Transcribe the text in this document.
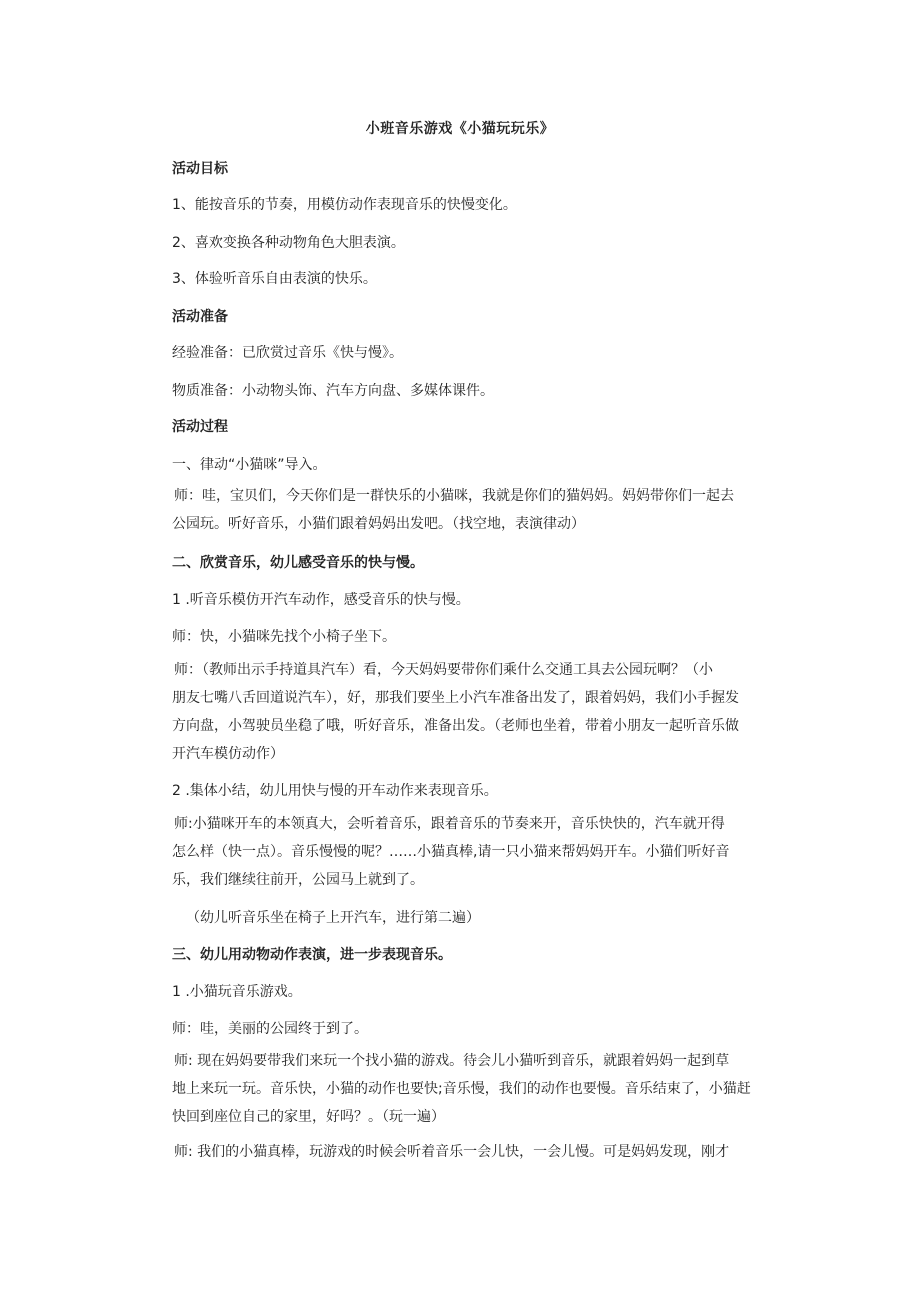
小班音乐游戏《小猫玩玩乐》
活动目标
1、能按音乐的节奏，用模仿动作表现音乐的快慢变化。
2、喜欢变换各种动物角色大胆表演。
3、体验听音乐自由表演的快乐。
活动准备
经验准备：已欣赏过音乐《快与慢》。
物质准备：小动物头饰、汽车方向盘、多媒体课件。
活动过程
一、律动“小猫咪”导入。
师：哇，宝贝们，今天你们是一群快乐的小猫咪，我就是你们的猫妈妈。妈妈带你们一起去
公园玩。听好音乐，小猫们跟着妈妈出发吧。（找空地，表演律动）
二、欣赏音乐，幼儿感受音乐的快与慢。
1 .听音乐模仿开汽车动作，感受音乐的快与慢。
师：快，小猫咪先找个小椅子坐下。
师：（教师出示手持道具汽车）看，今天妈妈要带你们乘什么交通工具去公园玩啊？（小
朋友七嘴八舌回道说汽车），好，那我们要坐上小汽车准备出发了，跟着妈妈，我们小手握发
方向盘，小驾驶员坐稳了哦，听好音乐，准备出发。（老师也坐着，带着小朋友一起听音乐做
开汽车模仿动作）
2 .集体小结，幼儿用快与慢的开车动作来表现音乐。
师:小猫咪开车的本领真大，会听着音乐，跟着音乐的节奏来开，音乐快快的，汽车就开得
怎么样（快一点）。音乐慢慢的呢？……小猫真棒,请一只小猫来帮妈妈开车。小猫们听好音
乐，我们继续往前开，公园马上就到了。
（幼儿听音乐坐在椅子上开汽车，进行第二遍）
三、幼儿用动物动作表演，进一步表现音乐。
1 .小猫玩音乐游戏。
师：哇，美丽的公园终于到了。
师: 现在妈妈要带我们来玩一个找小猫的游戏。待会儿小猫听到音乐，就跟着妈妈一起到草
地上来玩一玩。音乐快，小猫的动作也要快;音乐慢，我们的动作也要慢。音乐结束了，小猫赶
快回到座位自己的家里，好吗？。（玩一遍）
师: 我们的小猫真棒，玩游戏的时候会听着音乐一会儿快，一会儿慢。可是妈妈发现，刚才
